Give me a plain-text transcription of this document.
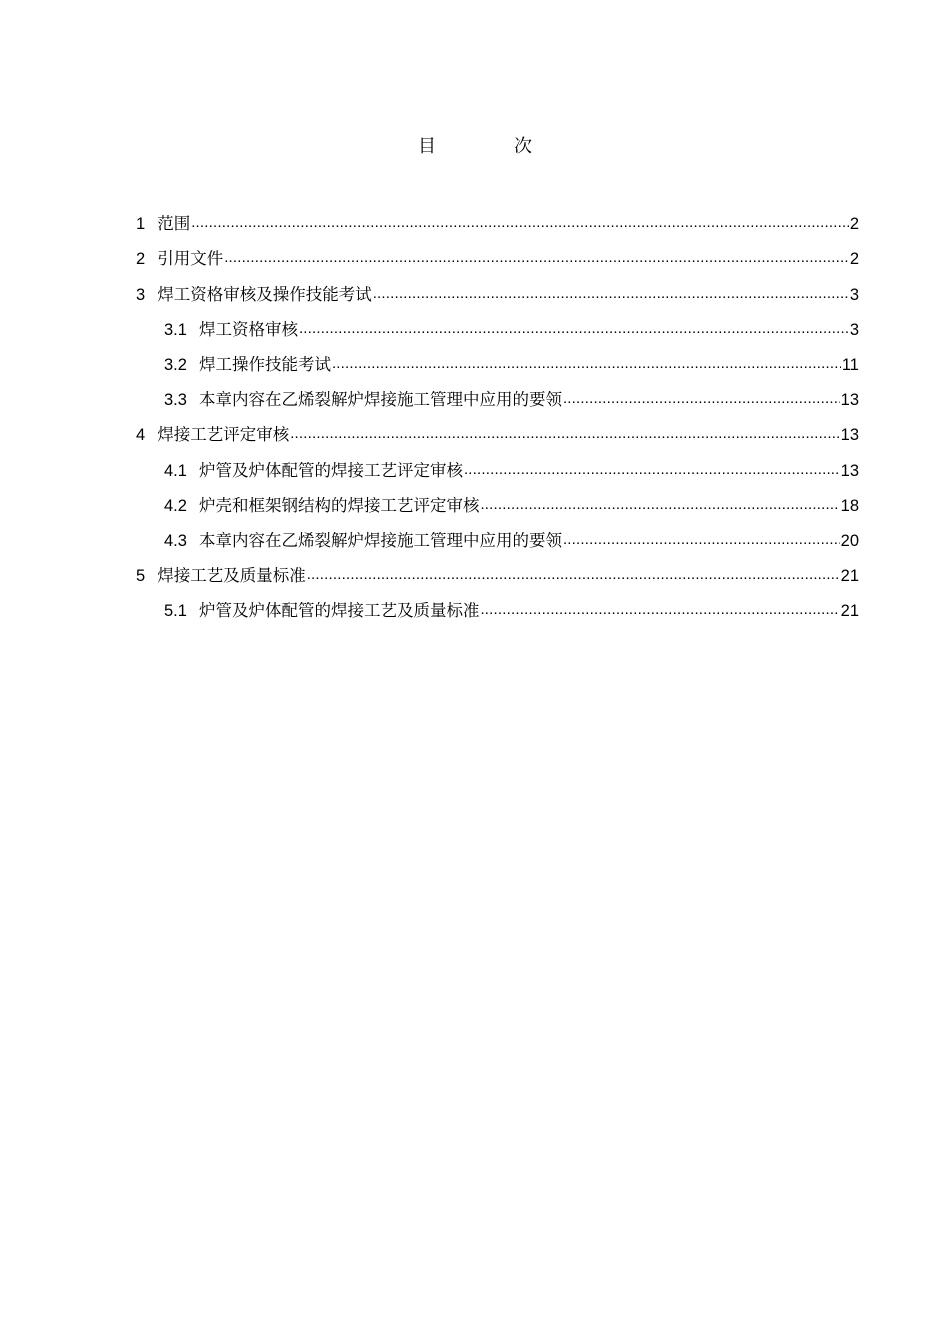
目	次
1 范围 .....	2
2 引用文件 .....	2
3 焊工资格审核及操作技能考试 .....	3
3.1 焊工资格审核 .....	3
3.2 焊工操作技能考试 .....	11
3.3 本章内容在乙烯裂解炉焊接施工管理中应用的要领 .....	13
4 焊接工艺评定审核 .....	13
4.1 炉管及炉体配管的焊接工艺评定审核 .....	13
4.2 炉壳和框架钢结构的焊接工艺评定审核 .....	18
4.3 本章内容在乙烯裂解炉焊接施工管理中应用的要领 .....	20
5 焊接工艺及质量标准 .....	21
5.1 炉管及炉体配管的焊接工艺及质量标准 .....	21
